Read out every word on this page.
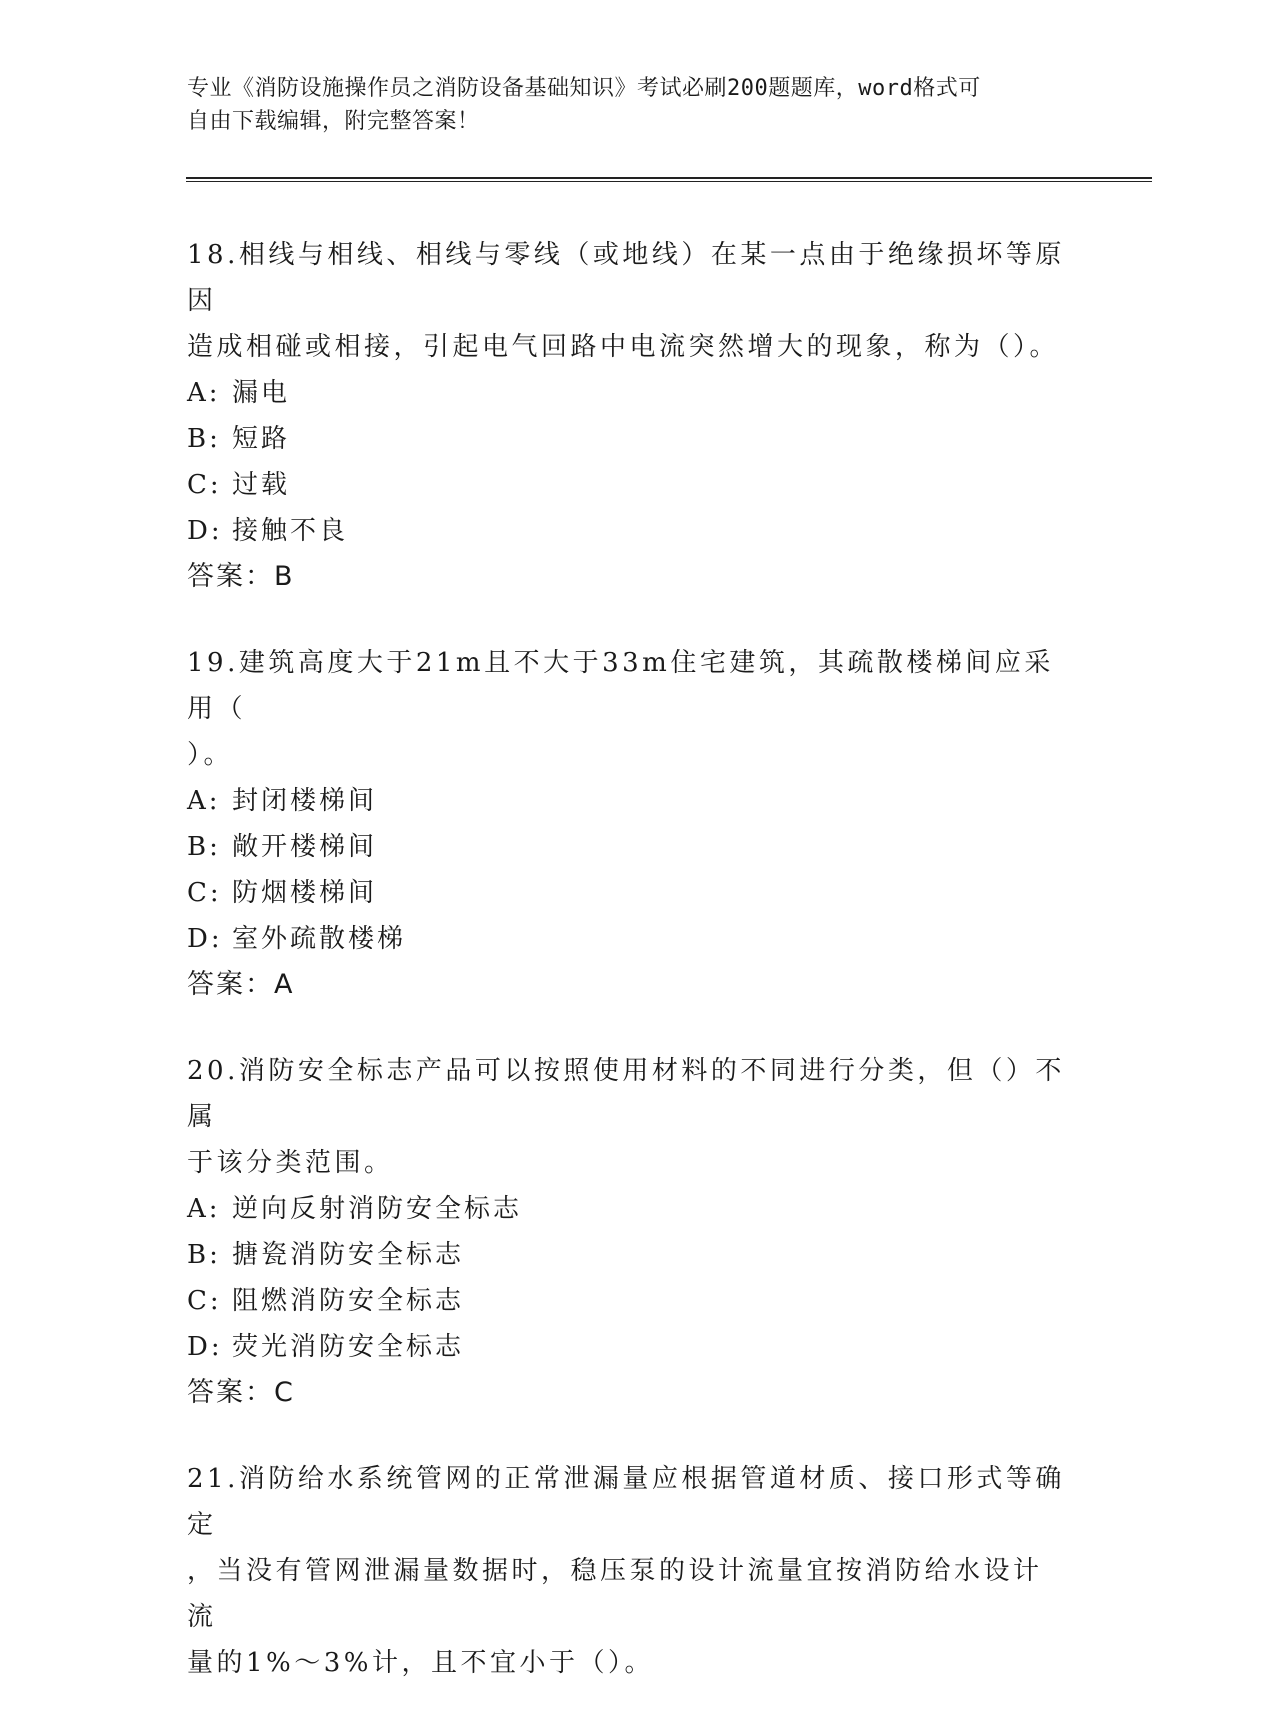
专业《消防设施操作员之消防设备基础知识》考试必刷200题题库，word格式可
自由下载编辑，附完整答案！

18.相线与相线、相线与零线（或地线）在某一点由于绝缘损坏等原因

造成相碰或相接，引起电气回路中电流突然增大的现象，称为（）。

A: 漏电

B: 短路

C: 过载

D: 接触不良

答案：B

19.建筑高度大于21m且不大于33m住宅建筑，其疏散楼梯间应采用（

）。

A: 封闭楼梯间

B: 敞开楼梯间

C: 防烟楼梯间

D: 室外疏散楼梯

答案：A

20.消防安全标志产品可以按照使用材料的不同进行分类，但（）不属

于该分类范围。

A: 逆向反射消防安全标志

B: 搪瓷消防安全标志

C: 阻燃消防安全标志

D: 荧光消防安全标志

答案：C

21.消防给水系统管网的正常泄漏量应根据管道材质、接口形式等确定

，当没有管网泄漏量数据时，稳压泵的设计流量宜按消防给水设计流

量的1%～3%计，且不宜小于（）。
